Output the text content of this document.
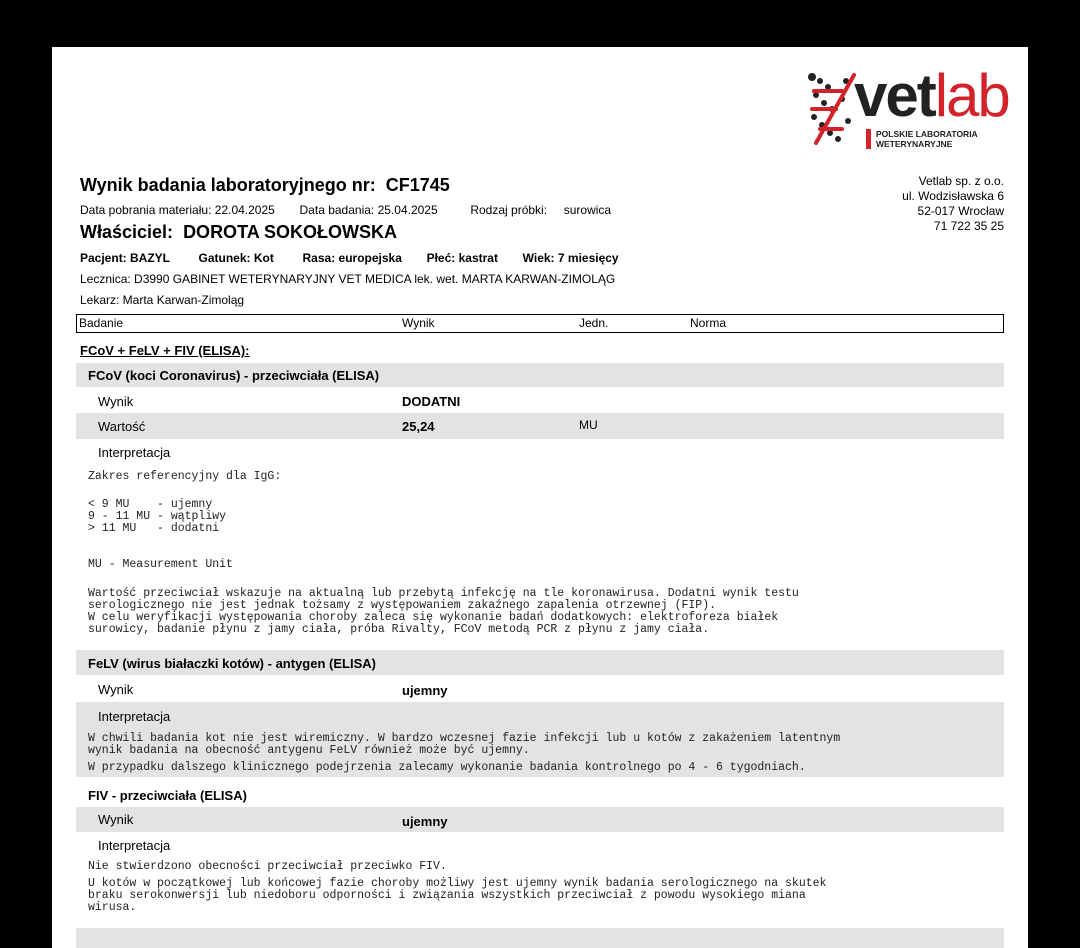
vetlab
POLSKIE LABORATORIA
WETERYNARYJNE
Vetlab sp. z o.o.
ul. Wodzisławska 6
52-017 Wrocław
71 722 35 25
Wynik badania laboratoryjnego nr: CF1745
Data pobrania materiału: 22.04.2025 Data badania: 25.04.2025	Rodzaj próbki: surowica
Właściciel: DOROTA SOKOŁOWSKA
Pacjent: BAZYL Gatunek: Kot Rasa: europejska Płeć: kastrat Wiek: 7 miesięcy
Lecznica: D3990 GABINET WETERYNARYJNY VET MEDICA lek. wet. MARTA KARWAN-ZIMOLĄG
Lekarz: Marta Karwan-Zimoląg
Badanie	Wynik	Jedn.	Norma
FCoV + FeLV + FIV (ELISA):
FCoV (koci Coronavirus) - przeciwciała (ELISA)
Wynik	DODATNI
Wartość	25,24	MU
Interpretacja
Zakres referencyjny dla IgG:
< 9 MU    - ujemny
9 - 11 MU - wątpliwy
> 11 MU   - dodatni
MU - Measurement Unit
Wartość przeciwciał wskazuje na aktualną lub przebytą infekcję na tle koronawirusa. Dodatni wynik testu
serologicznego nie jest jednak tożsamy z występowaniem zakaźnego zapalenia otrzewnej (FIP).
W celu weryfikacji występowania choroby zaleca się wykonanie badań dodatkowych: elektroforeza białek
surowicy, badanie płynu z jamy ciała, próba Rivalty, FCoV metodą PCR z płynu z jamy ciała.
FeLV (wirus białaczki kotów) - antygen (ELISA)
Wynik	ujemny
Interpretacja
W chwili badania kot nie jest wiremiczny. W bardzo wczesnej fazie infekcji lub u kotów z zakażeniem latentnym
wynik badania na obecność antygenu FeLV również może być ujemny.
W przypadku dalszego klinicznego podejrzenia zalecamy wykonanie badania kontrolnego po 4 - 6 tygodniach.
FIV - przeciwciała (ELISA)
Wynik	ujemny
Interpretacja
Nie stwierdzono obecności przeciwciał przeciwko FIV.
U kotów w początkowej lub końcowej fazie choroby możliwy jest ujemny wynik badania serologicznego na skutek
braku serokonwersji lub niedoboru odporności i związania wszystkich przeciwciał z powodu wysokiego miana
wirusa.
